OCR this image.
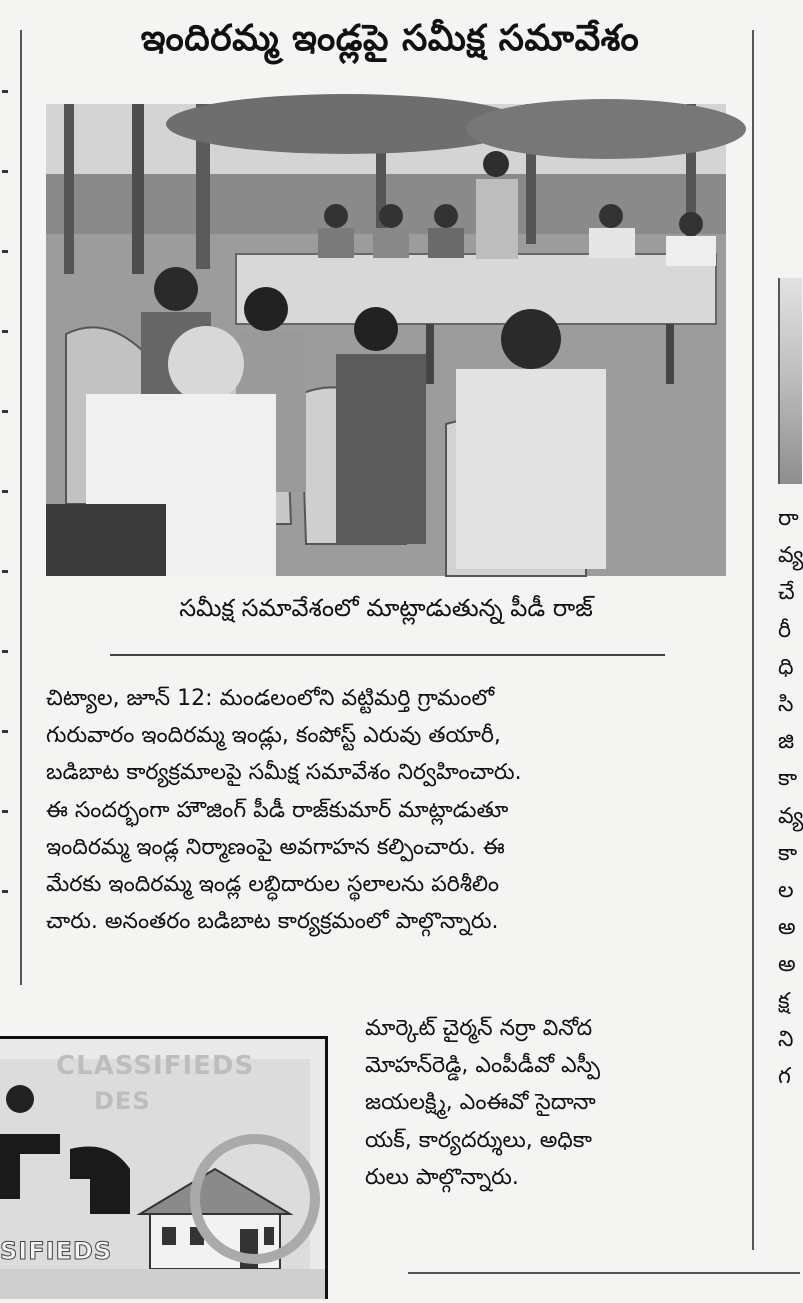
ఇందిరమ్మ ఇండ్లపై సమీక్ష సమావేశం

సమీక్ష సమావేశంలో మాట్లాడుతున్న పీడీ రాజ్

చిట్యాల, జూన్ 12: మండలంలోని వట్టిమర్తి గ్రామంలో
గురువారం ఇందిరమ్మ ఇండ్లు, కంపోస్ట్ ఎరువు తయారీ,
బడిబాట కార్యక్రమాలపై సమీక్ష సమావేశం నిర్వహించారు.
ఈ సందర్భంగా హౌజింగ్ పీడీ రాజ్‌కుమార్ మాట్లాడుతూ
ఇందిరమ్మ ఇండ్ల నిర్మాణంపై అవగాహన కల్పించారు. ఈ
మేరకు ఇందిరమ్మ ఇండ్ల లబ్ధిదారుల స్థలాలను పరిశీలిం
చారు. అనంతరం బడిబాట కార్యక్రమంలో పాల్గొన్నారు.

మార్కెట్ చైర్మన్ నర్రా వినోద
మోహన్‌రెడ్డి, ఎంపీడీవో ఎస్పీ
జయలక్ష్మి, ఎంఈవో సైదానా
యక్, కార్యదర్శులు, అధికా
రులు పాల్గొన్నారు.

CLASSIFIEDS
DES
SIFIEDS
రా
వ్య
చే
రీ
ధి
సి
జి
కా
వ్య
కా
ల
అ
అ
క్ష
ని
గ
